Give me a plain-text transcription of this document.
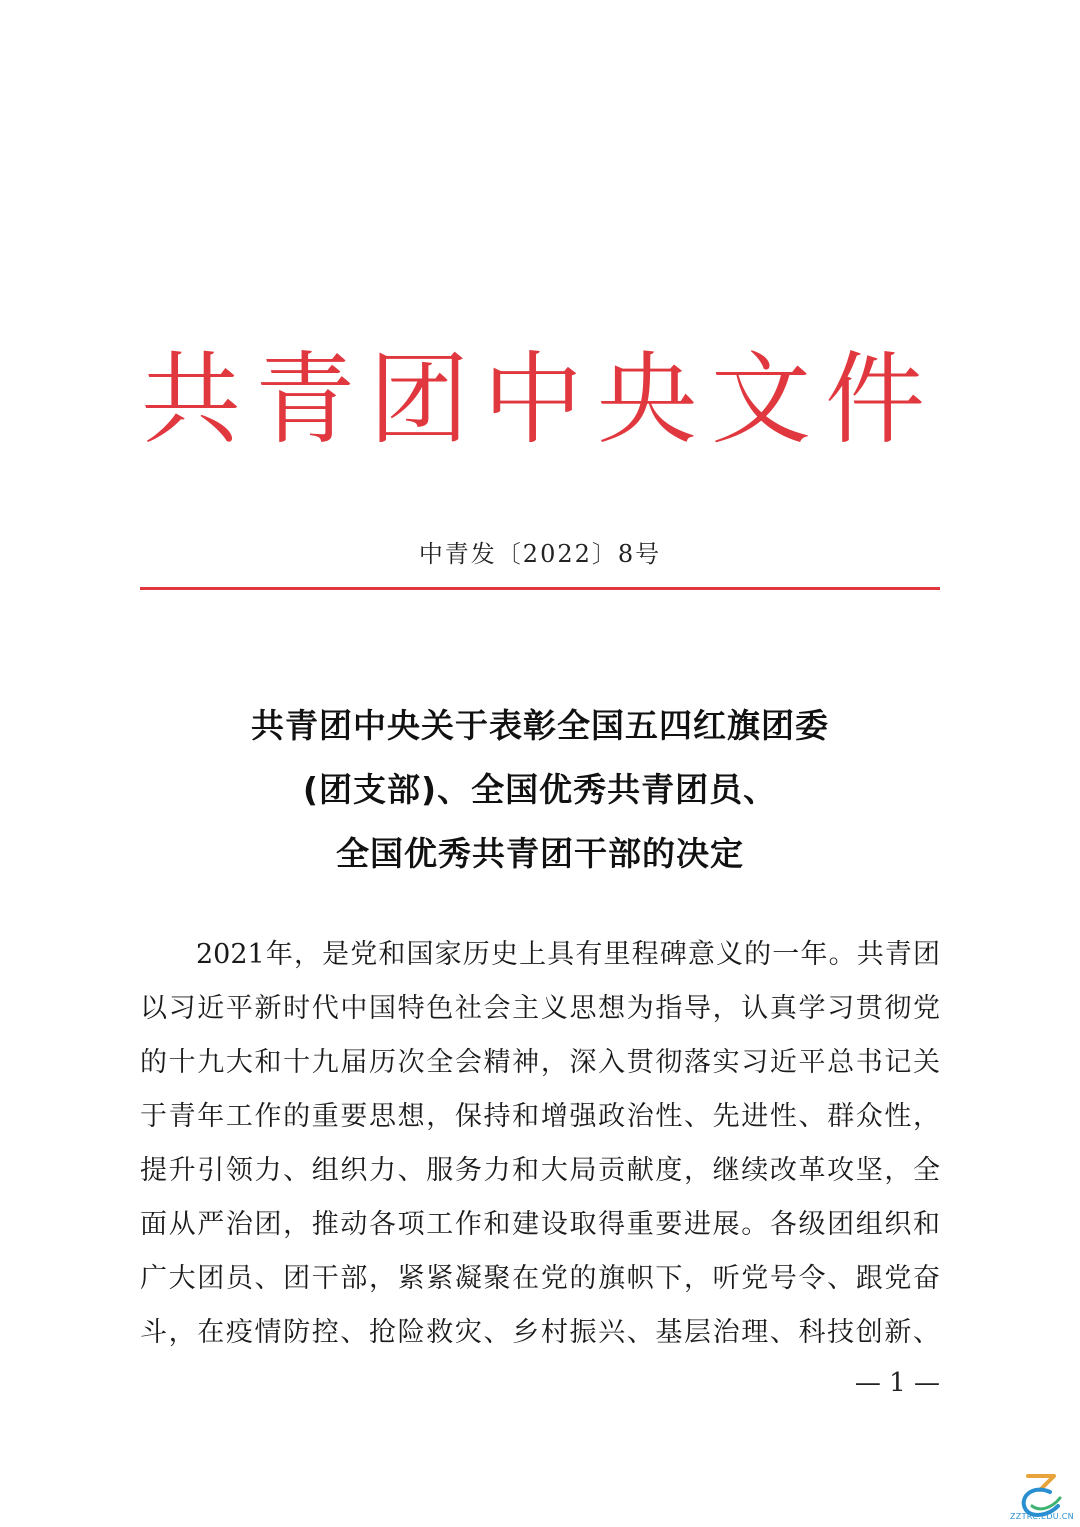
共青团中央文件
中青发〔2022〕8号
共青团中央关于表彰全国五四红旗团委
(团支部)、全国优秀共青团员、
全国优秀共青团干部的决定
2021年，是党和国家历史上具有里程碑意义的一年。共青团
以习近平新时代中国特色社会主义思想为指导，认真学习贯彻党
的十九大和十九届历次全会精神，深入贯彻落实习近平总书记关
于青年工作的重要思想，保持和增强政治性、先进性、群众性，
提升引领力、组织力、服务力和大局贡献度，继续改革攻坚，全
面从严治团，推动各项工作和建设取得重要进展。各级团组织和
广大团员、团干部，紧紧凝聚在党的旗帜下，听党号令、跟党奋
斗，在疫情防控、抢险救灾、乡村振兴、基层治理、科技创新、
— 1 —
ZZTRC.EDU.CN
